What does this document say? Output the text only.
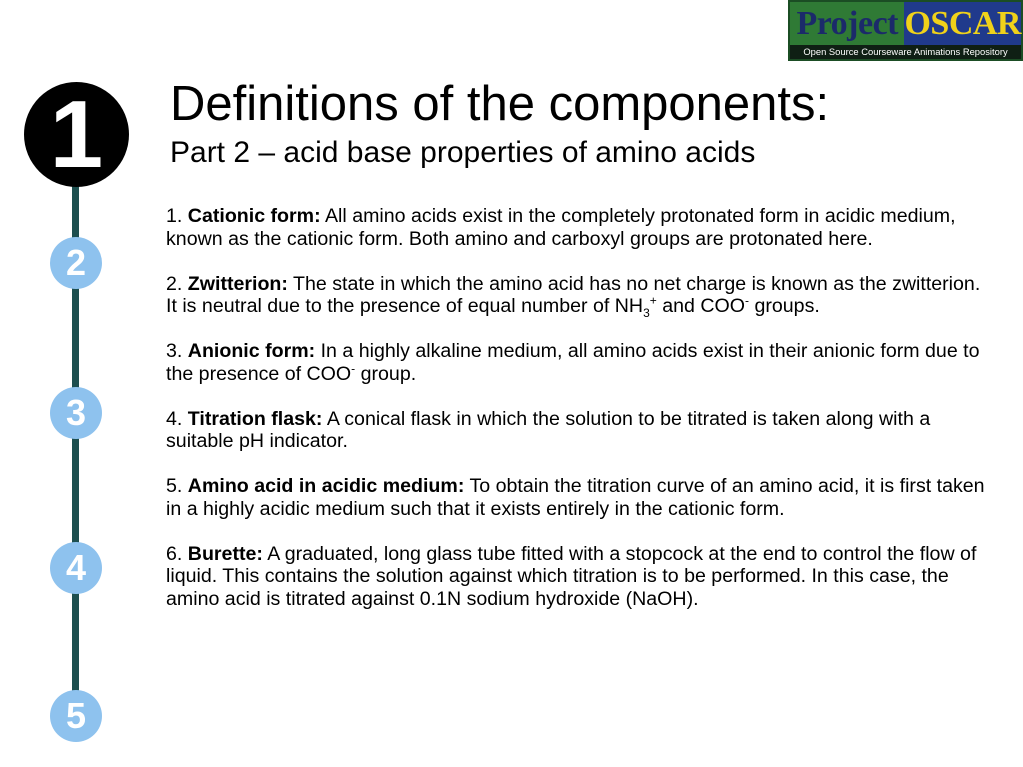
Project OSCAR
Open Source Courseware Animations Repository
1
2
3
4
5
Definitions of the components:
Part 2 – acid base properties of amino acids

1. Cationic form: All amino acids exist in the completely protonated form in acidic medium, known as the cationic form. Both amino and carboxyl groups are protonated here.

2. Zwitterion: The state in which the amino acid has no net charge is known as the zwitterion. It is neutral due to the presence of equal number of $NH_3^+$ and COO- groups.

3. Anionic form: In a highly alkaline medium, all amino acids exist in their anionic form due to the presence of COO- group.

4. Titration flask: A conical flask in which the solution to be titrated is taken along with a suitable pH indicator.

5. Amino acid in acidic medium: To obtain the titration curve of an amino acid, it is first taken in a highly acidic medium such that it exists entirely in the cationic form.

6. Burette: A graduated, long glass tube fitted with a stopcock at the end to control the flow of liquid. This contains the solution against which titration is to be performed. In this case, the amino acid is titrated against 0.1N sodium hydroxide (NaOH).
